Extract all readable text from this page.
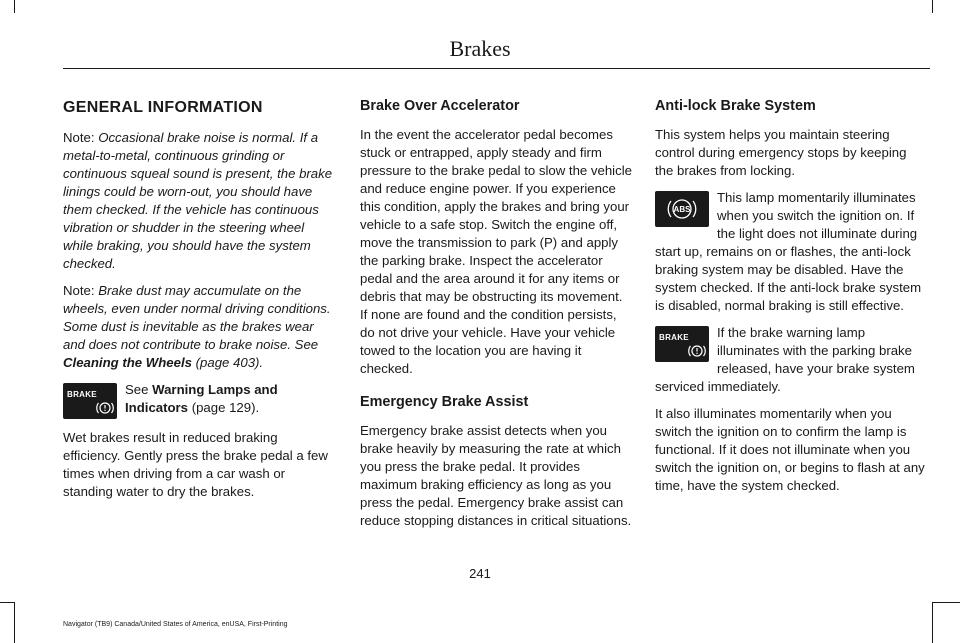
Brakes
GENERAL INFORMATION

Note: Occasional brake noise is normal. If a metal-to-metal, continuous grinding or continuous squeal sound is present, the brake linings could be worn-out, you should have them checked. If the vehicle has continuous vibration or shudder in the steering wheel while braking, you should have the system checked.

Note: Brake dust may accumulate on the wheels, even under normal driving conditions. Some dust is inevitable as the brakes wear and does not contribute to brake noise. See Cleaning the Wheels (page 403).

BRAKE See Warning Lamps and Indicators (page 129).

Wet brakes result in reduced braking efficiency. Gently press the brake pedal a few times when driving from a car wash or standing water to dry the brakes.

Brake Over Accelerator

In the event the accelerator pedal becomes stuck or entrapped, apply steady and firm pressure to the brake pedal to slow the vehicle and reduce engine power. If you experience this condition, apply the brakes and bring your vehicle to a safe stop. Switch the engine off, move the transmission to park (P) and apply the parking brake. Inspect the accelerator pedal and the area around it for any items or debris that may be obstructing its movement. If none are found and the condition persists, do not drive your vehicle. Have your vehicle towed to the location you are having it checked.

Emergency Brake Assist

Emergency brake assist detects when you brake heavily by measuring the rate at which you press the brake pedal. It provides maximum braking efficiency as long as you press the pedal. Emergency brake assist can reduce stopping distances in critical situations.

Anti-lock Brake System

This system helps you maintain steering control during emergency stops by keeping the brakes from locking.

ABS
This lamp momentarily illuminates when you switch the ignition on. If the light does not illuminate during start up, remains on or flashes, the anti-lock braking system may be disabled. Have the system checked. If the anti-lock brake system is disabled, normal braking is still effective.

BRAKE If the brake warning lamp illuminates with the parking brake released, have your brake system serviced immediately.

It also illuminates momentarily when you switch the ignition on to confirm the lamp is functional. If it does not illuminate when you switch the ignition on, or begins to flash at any time, have the system checked.

241
Navigator (TB9) Canada/United States of America, enUSA, First-Printing
